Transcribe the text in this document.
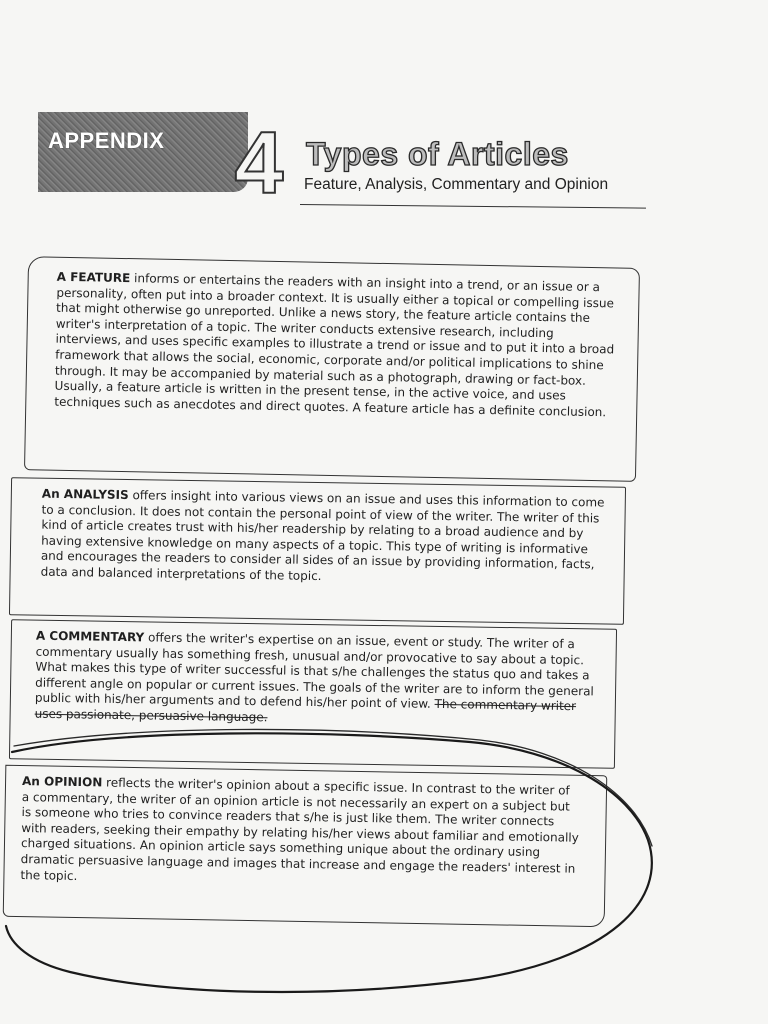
APPENDIX 4 Types of Articles
Feature, Analysis, Commentary and Opinion

A FEATURE informs or entertains the readers with an insight into a trend, or an issue or a personality, often put into a broader context. It is usually either a topical or compelling issue that might otherwise go unreported. Unlike a news story, the feature article contains the writer's interpretation of a topic. The writer conducts extensive research, including interviews, and uses specific examples to illustrate a trend or issue and to put it into a broad framework that allows the social, economic, corporate and/or political implications to shine through. It may be accompanied by material such as a photograph, drawing or fact-box. Usually, a feature article is written in the present tense, in the active voice, and uses techniques such as anecdotes and direct quotes. A feature article has a definite conclusion.

An ANALYSIS offers insight into various views on an issue and uses this information to come to a conclusion. It does not contain the personal point of view of the writer. The writer of this kind of article creates trust with his/her readership by relating to a broad audience and by having extensive knowledge on many aspects of a topic. This type of writing is informative and encourages the readers to consider all sides of an issue by providing information, facts, data and balanced interpretations of the topic.

A COMMENTARY offers the writer's expertise on an issue, event or study. The writer of a commentary usually has something fresh, unusual and/or provocative to say about a topic. What makes this type of writer successful is that s/he challenges the status quo and takes a different angle on popular or current issues. The goals of the writer are to inform the general public with his/her arguments and to defend his/her point of view. The commentary writer uses passionate, persuasive language.

An OPINION reflects the writer's opinion about a specific issue. In contrast to the writer of a commentary, the writer of an opinion article is not necessarily an expert on a subject but is someone who tries to convince readers that s/he is just like them. The writer connects with readers, seeking their empathy by relating his/her views about familiar and emotionally charged situations. An opinion article says something unique about the ordinary using dramatic persuasive language and images that increase and engage the readers' interest in the topic.
